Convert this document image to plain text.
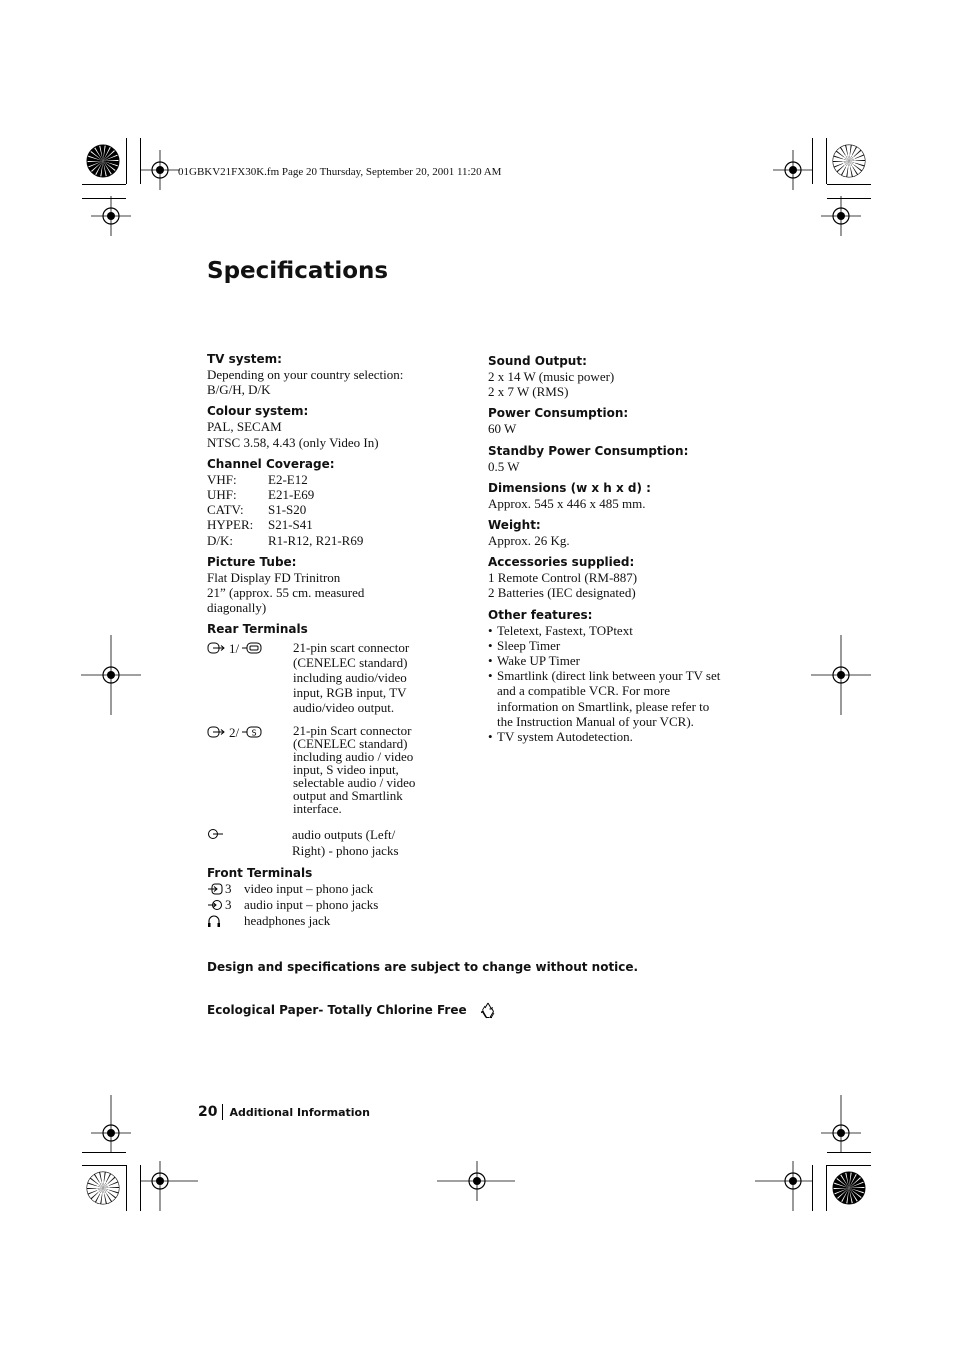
01GBKV21FX30K.fm Page 20 Thursday, September 20, 2001 11:20 AM
Specifications
TV system:
Depending on your country selection:
B/G/H, D/K
Colour system:
PAL, SECAM
NTSC 3.58, 4.43 (only Video In)
Channel Coverage:
VHF:	E2-E12
UHF:	E21-E69
CATV:	S1-S20
HYPER:	S21-S41
D/K:	R1-R12, R21-R69
Picture Tube:
Flat Display FD Trinitron
21” (approx. 55 cm. measured
diagonally)
Rear Terminals
1/	21-pin scart connector
(CENELEC standard)
including audio/video
input, RGB input, TV
audio/video output.
2/ S	21-pin Scart connector
(CENELEC standard)
including audio / video
input, S video input,
selectable audio / video
output and Smartlink
interface.
audio outputs (Left/
Right) - phono jacks
Front Terminals
3 video input – phono jack
3 audio input – phono jacks
headphones jack
Sound Output:
2 x 14 W (music power)
2 x 7 W (RMS)
Power Consumption:
60 W
Standby Power Consumption:
0.5 W
Dimensions (w x h x d) :
Approx. 545 x 446 x 485 mm.
Weight:
Approx. 26 Kg.
Accessories supplied:
1 Remote Control (RM-887)
2 Batteries (IEC designated)
Other features:
• Teletext, Fastext, TOPtext
• Sleep Timer
• Wake UP Timer
• Smartlink (direct link between your TV set
and a compatible VCR. For more
information on Smartlink, please refer to
the Instruction Manual of your VCR).
• TV system Autodetection.
Design and specifications are subject to change without notice.
Ecological Paper- Totally Chlorine Free
20	Additional Information
